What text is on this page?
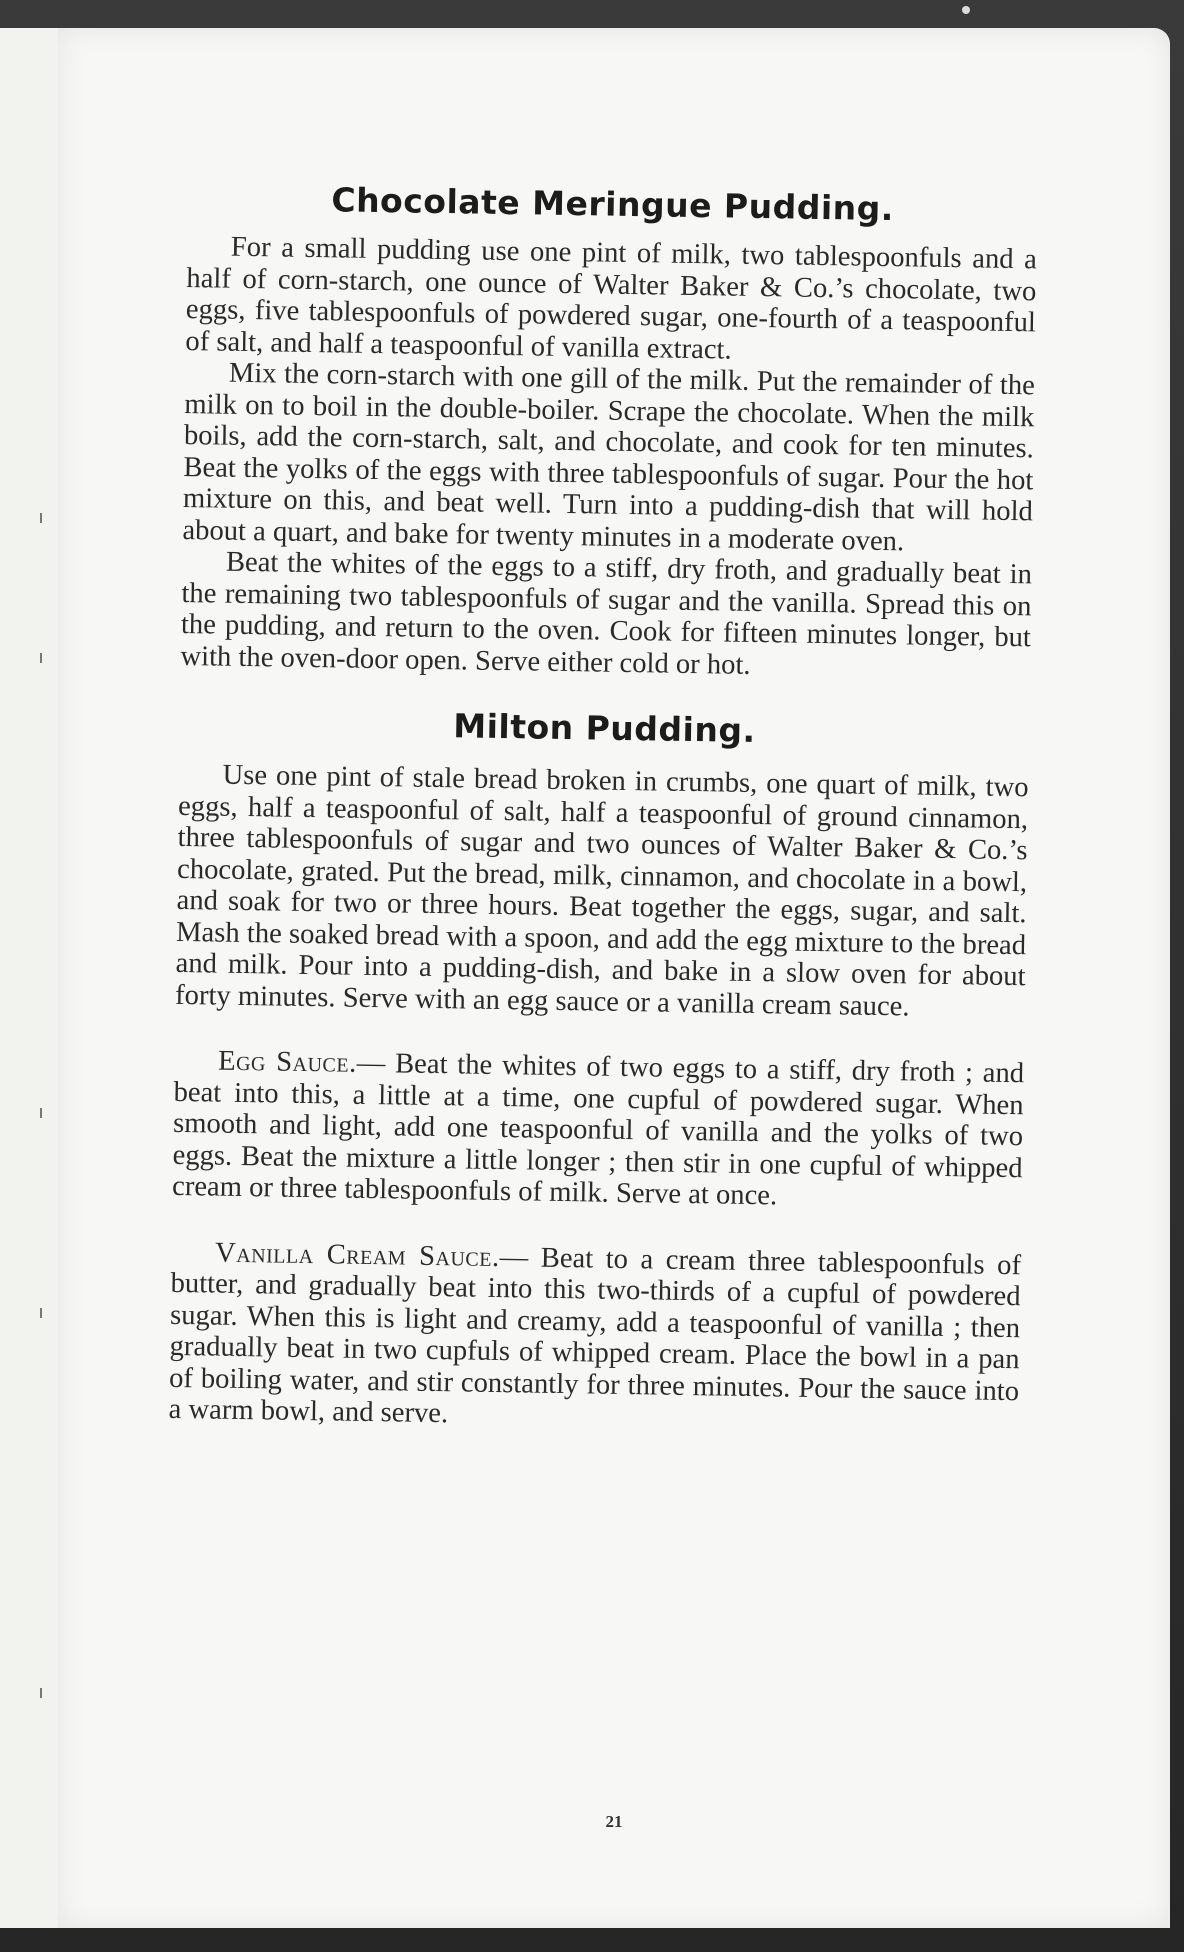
Chocolate Meringue Pudding.

For a small pudding use one pint of milk, two tablespoonfuls and a half of corn-starch, one ounce of Walter Baker & Co.’s chocolate, two eggs, five tablespoonfuls of powdered sugar, one-fourth of a teaspoonful of salt, and half a teaspoonful of vanilla extract.

Mix the corn-starch with one gill of the milk. Put the remainder of the milk on to boil in the double-boiler. Scrape the chocolate. When the milk boils, add the corn-starch, salt, and chocolate, and cook for ten minutes. Beat the yolks of the eggs with three tablespoonfuls of sugar. Pour the hot mixture on this, and beat well. Turn into a pudding-dish that will hold about a quart, and bake for twenty minutes in a moderate oven.

Beat the whites of the eggs to a stiff, dry froth, and gradually beat in the remaining two tablespoonfuls of sugar and the vanilla. Spread this on the pudding, and return to the oven. Cook for fifteen minutes longer, but with the oven-door open. Serve either cold or hot.

Milton Pudding.

Use one pint of stale bread broken in crumbs, one quart of milk, two eggs, half a teaspoonful of salt, half a teaspoonful of ground cinnamon, three tablespoonfuls of sugar and two ounces of Walter Baker & Co.’s chocolate, grated. Put the bread, milk, cinnamon, and chocolate in a bowl, and soak for two or three hours. Beat together the eggs, sugar, and salt. Mash the soaked bread with a spoon, and add the egg mixture to the bread and milk. Pour into a pudding-dish, and bake in a slow oven for about forty minutes. Serve with an egg sauce or a vanilla cream sauce.

Egg Sauce.— Beat the whites of two eggs to a stiff, dry froth ; and beat into this, a little at a time, one cupful of powdered sugar. When smooth and light, add one teaspoonful of vanilla and the yolks of two eggs. Beat the mixture a little longer ; then stir in one cupful of whipped cream or three tablespoonfuls of milk. Serve at once.

Vanilla Cream Sauce.— Beat to a cream three tablespoonfuls of butter, and gradually beat into this two-thirds of a cupful of powdered sugar. When this is light and creamy, add a teaspoonful of vanilla ; then gradually beat in two cupfuls of whipped cream. Place the bowl in a pan of boiling water, and stir constantly for three minutes. Pour the sauce into a warm bowl, and serve.

21
